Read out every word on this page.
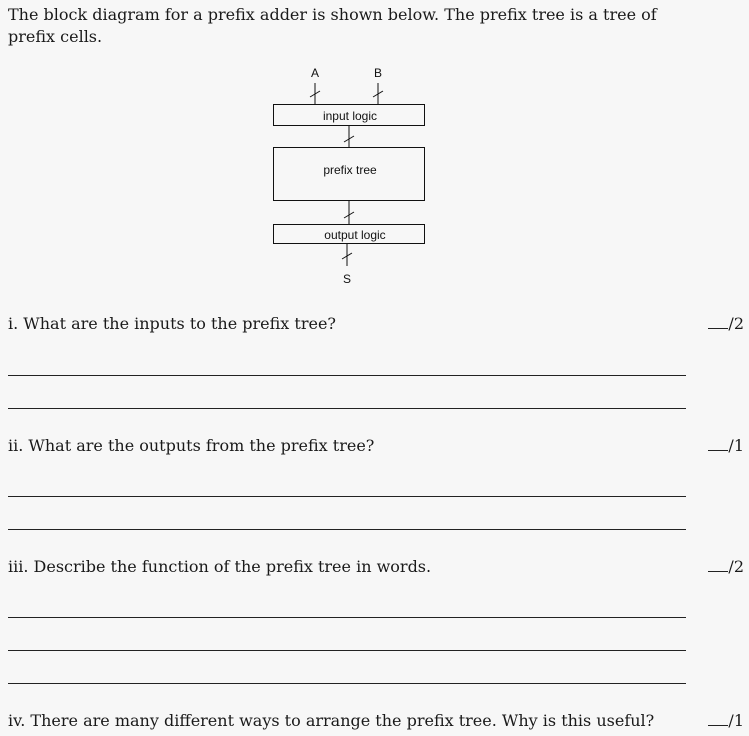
The block diagram for a prefix adder is shown below. The prefix tree is a tree of prefix cells.

A	B
input logic
prefix tree
output logic
S

i. What are the inputs to the prefix tree?	/2

ii. What are the outputs from the prefix tree?	/1

iii. Describe the function of the prefix tree in words.	/2

iv. There are many different ways to arrange the prefix tree. Why is this useful?	/1
